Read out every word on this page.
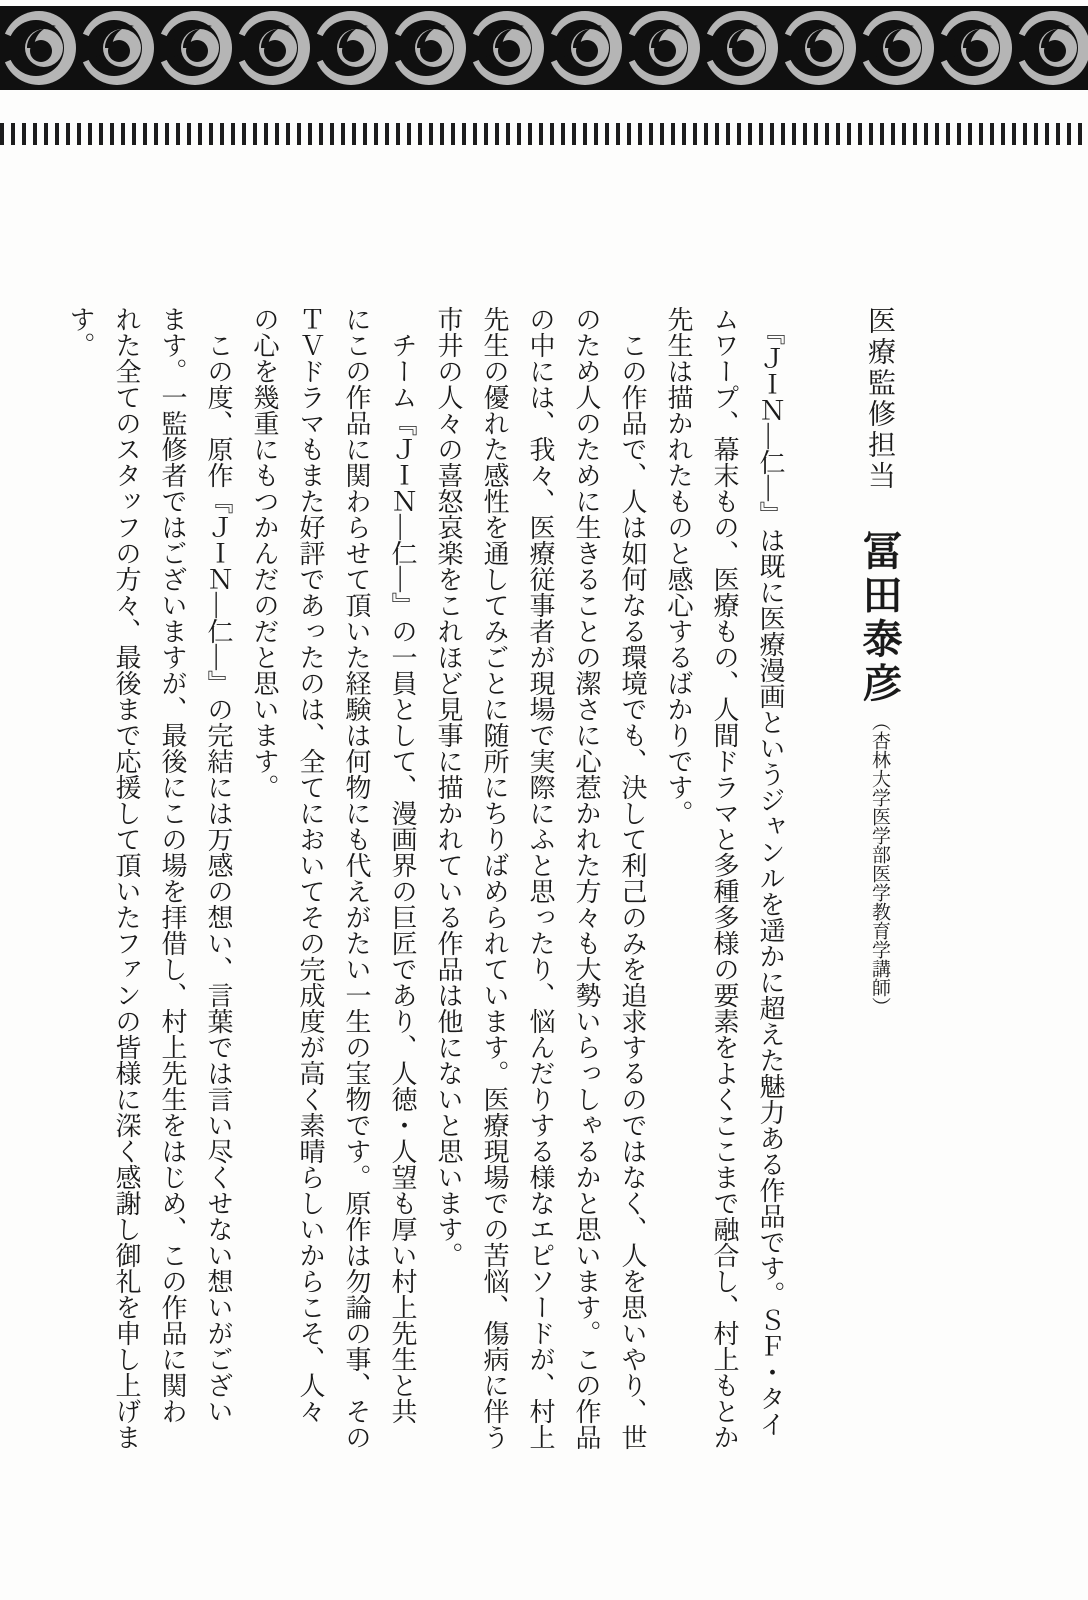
医療監修担当冨田泰彦（杏林大学医学部医学教育学講師）

　『ＪＩＮ―仁―』は既に医療漫画というジャンルを遥かに超えた魅力ある作品です。ＳＦ・タイ

ムワープ、幕末もの、医療もの、人間ドラマと多種多様の要素をよくここまで融合し、村上もとか

先生は描かれたものと感心するばかりです。

　この作品で、人は如何なる環境でも、決して利己のみを追求するのではなく、人を思いやり、世

のため人のために生きることの潔さに心惹かれた方々も大勢いらっしゃるかと思います。この作品

の中には、我々、医療従事者が現場で実際にふと思ったり、悩んだりする様なエピソードが、村上

先生の優れた感性を通してみごとに随所にちりばめられています。医療現場での苦悩、傷病に伴う

市井の人々の喜怒哀楽をこれほど見事に描かれている作品は他にないと思います。

　チーム『ＪＩＮ―仁―』の一員として、漫画界の巨匠であり、人徳・人望も厚い村上先生と共

にこの作品に関わらせて頂いた経験は何物にも代えがたい一生の宝物です。原作は勿論の事、その

ＴＶドラマもまた好評であったのは、全てにおいてその完成度が高く素晴らしいからこそ、人々

の心を幾重にもつかんだのだと思います。

　この度、原作『ＪＩＮ―仁―』の完結には万感の想い、言葉では言い尽くせない想いがござい

ます。一監修者ではございますが、最後にこの場を拝借し、村上先生をはじめ、この作品に関わ

れた全てのスタッフの方々、最後まで応援して頂いたファンの皆様に深く感謝し御礼を申し上げま

す。
